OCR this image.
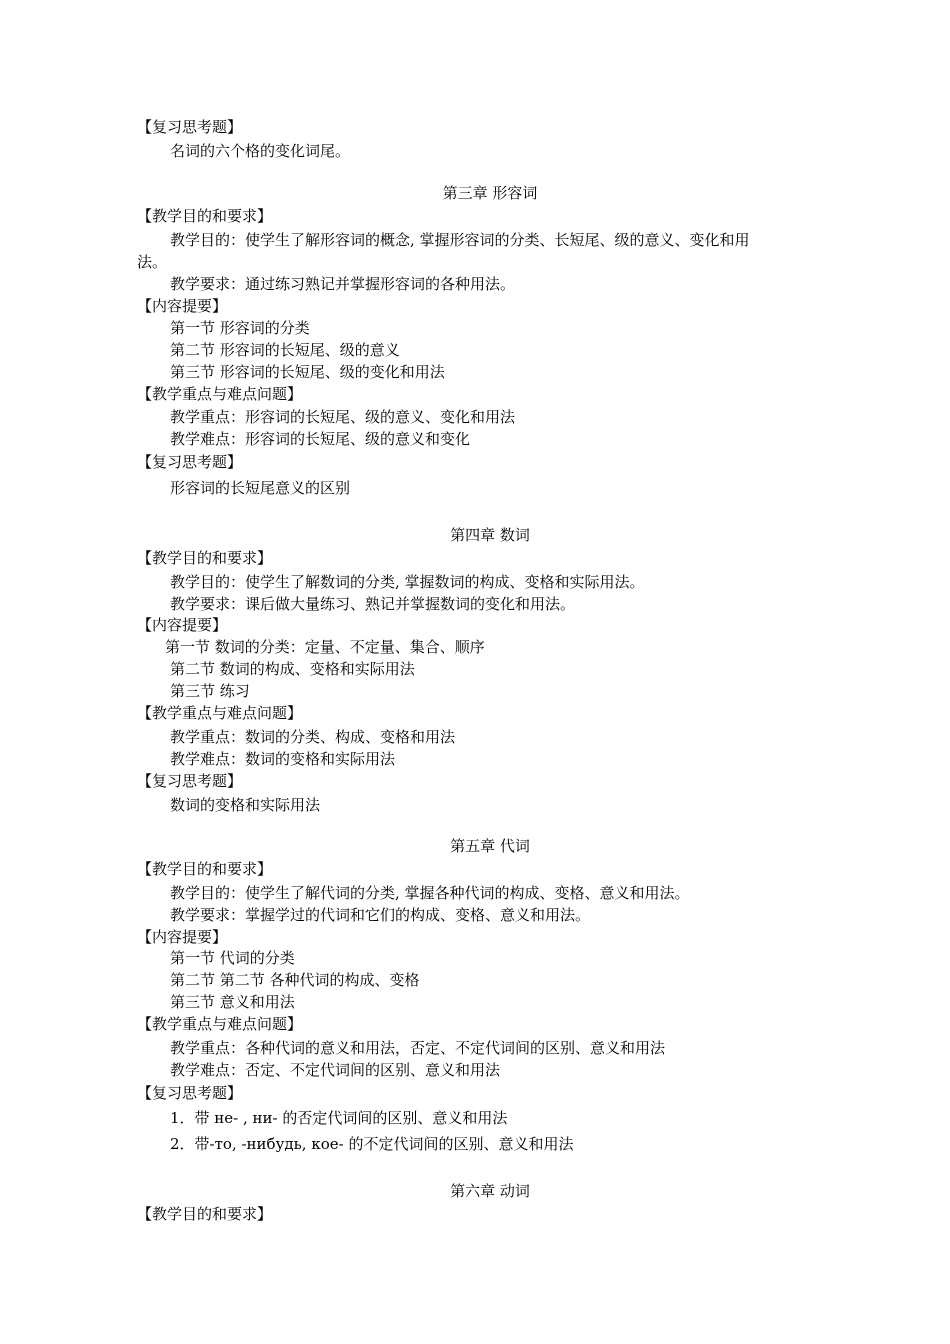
【复习思考题】
名词的六个格的变化词尾。
第三章 形容词
【教学目的和要求】
教学目的：使学生了解形容词的概念, 掌握形容词的分类、长短尾、级的意义、变化和用
法。
教学要求：通过练习熟记并掌握形容词的各种用法。
【内容提要】
第一节 形容词的分类
第二节 形容词的长短尾、级的意义
第三节 形容词的长短尾、级的变化和用法
【教学重点与难点问题】
教学重点：形容词的长短尾、级的意义、变化和用法
教学难点：形容词的长短尾、级的意义和变化
【复习思考题】
形容词的长短尾意义的区别
第四章 数词
【教学目的和要求】
教学目的：使学生了解数词的分类, 掌握数词的构成、变格和实际用法。
教学要求：课后做大量练习、熟记并掌握数词的变化和用法。
【内容提要】
第一节 数词的分类：定量、不定量、集合、顺序
第二节 数词的构成、变格和实际用法
第三节 练习
【教学重点与难点问题】
教学重点：数词的分类、构成、变格和用法
教学难点：数词的变格和实际用法
【复习思考题】
数词的变格和实际用法
第五章 代词
【教学目的和要求】
教学目的：使学生了解代词的分类, 掌握各种代词的构成、变格、意义和用法。
教学要求：掌握学过的代词和它们的构成、变格、意义和用法。
【内容提要】
第一节 代词的分类
第二节 第二节 各种代词的构成、变格
第三节 意义和用法
【教学重点与难点问题】
教学重点：各种代词的意义和用法，否定、不定代词间的区别、意义和用法
教学难点：否定、不定代词间的区别、意义和用法
【复习思考题】
1．带 не- , ни- 的否定代词间的区别、意义和用法
2．带-то, -нибудь, кое- 的不定代词间的区别、意义和用法
第六章 动词
【教学目的和要求】
